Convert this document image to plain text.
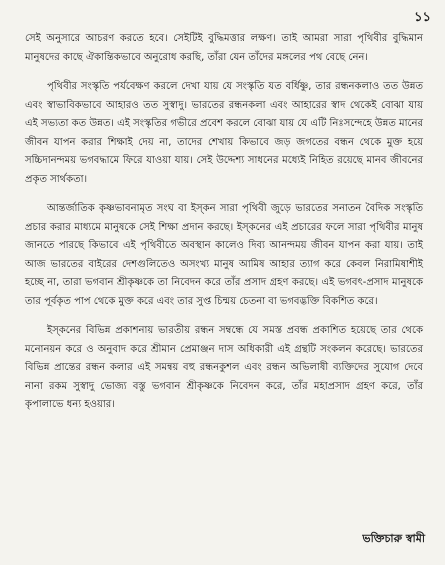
১১

সেই অনুসারে আচরণ করতে হবে। সেইটিই বুদ্ধিমত্তার লক্ষণ। তাই আমরা সারা পৃথিবীর বুদ্ধিমান মানুষদের কাছে ঐকান্তিকভাবে অনুরোধ করছি, তাঁরা যেন তাঁদের মঙ্গলের পথ বেছে নেন।

পৃথিবীর সংস্কৃতি পর্যবেক্ষণ করলে দেখা যায় যে সংস্কৃতি যত বর্ধিষ্ণু, তার রন্ধনকলাও তত উন্নত এবং স্বাভাবিকভাবে আহারও তত সুস্বাদু। ভারতের রন্ধনকলা এবং আহারের স্বাদ থেকেই বোঝা যায় এই সভ্যতা কত উন্নত। এই সংস্কৃতির গভীরে প্রবেশ করলে বোঝা যায় যে এটি নিঃসন্দেহে উন্নত মানের জীবন যাপন করার শিক্ষাই দেয় না, তাদের শেখায় কিভাবে জড় জগতের বন্ধন থেকে মুক্ত হয়ে সচ্চিদানন্দময় ভগবদ্ধামে ফিরে যাওয়া যায়। সেই উদ্দেশ্য সাধনের মধ্যেই নিহিত রয়েছে মানব জীবনের প্রকৃত সার্থকতা।

আন্তর্জাতিক কৃষ্ণভাবনামৃত সংঘ বা ইস্‌কন সারা পৃথিবী জুড়ে ভারতের সনাতন বৈদিক সংস্কৃতি প্রচার করার মাধ্যমে মানুষকে সেই শিক্ষা প্রদান করছে। ইস্‌কনের এই প্রচারের ফলে সারা পৃথিবীর মানুষ জানতে পারছে কিভাবে এই পৃথিবীতে অবস্থান কালেও দিব্য আনন্দময় জীবন যাপন করা যায়। তাই আজ ভারতের বাইরের দেশগুলিতেও অসংখ্য মানুষ আমিষ আহার ত্যাগ করে কেবল নিরামিষাশীই হচ্ছে না, তারা ভগবান শ্রীকৃষ্ণকে তা নিবেদন করে তাঁর প্রসাদ গ্রহণ করছে। এই ভগবৎ-প্রসাদ মানুষকে তার পূর্বকৃত পাপ থেকে মুক্ত করে এবং তার সুপ্ত চিন্ময় চেতনা বা ভগবদ্ভক্তি বিকশিত করে।

ইস্‌কনের বিভিন্ন প্রকাশনায় ভারতীয় রন্ধন সম্বন্ধে যে সমস্ত প্রবন্ধ প্রকাশিত হয়েছে তার থেকে মনোনয়ন করে ও অনুবাদ করে শ্রীমান প্রেমাঞ্জন দাস অধিকারী এই গ্রন্থটি সংকলন করেছে। ভারতের বিভিন্ন প্রান্তের রন্ধন কলার এই সমন্বয় বহু রন্ধনকুশল এবং রন্ধন অভিলাষী ব্যক্তিদের সুযোগ দেবে নানা রকম সুস্বাদু ভোজ্য বস্তু ভগবান শ্রীকৃষ্ণকে নিবেদন করে, তাঁর মহাপ্রসাদ গ্রহণ করে, তাঁর কৃপালাভে ধন্য হওয়ার।

ভক্তিচারু স্বামী
